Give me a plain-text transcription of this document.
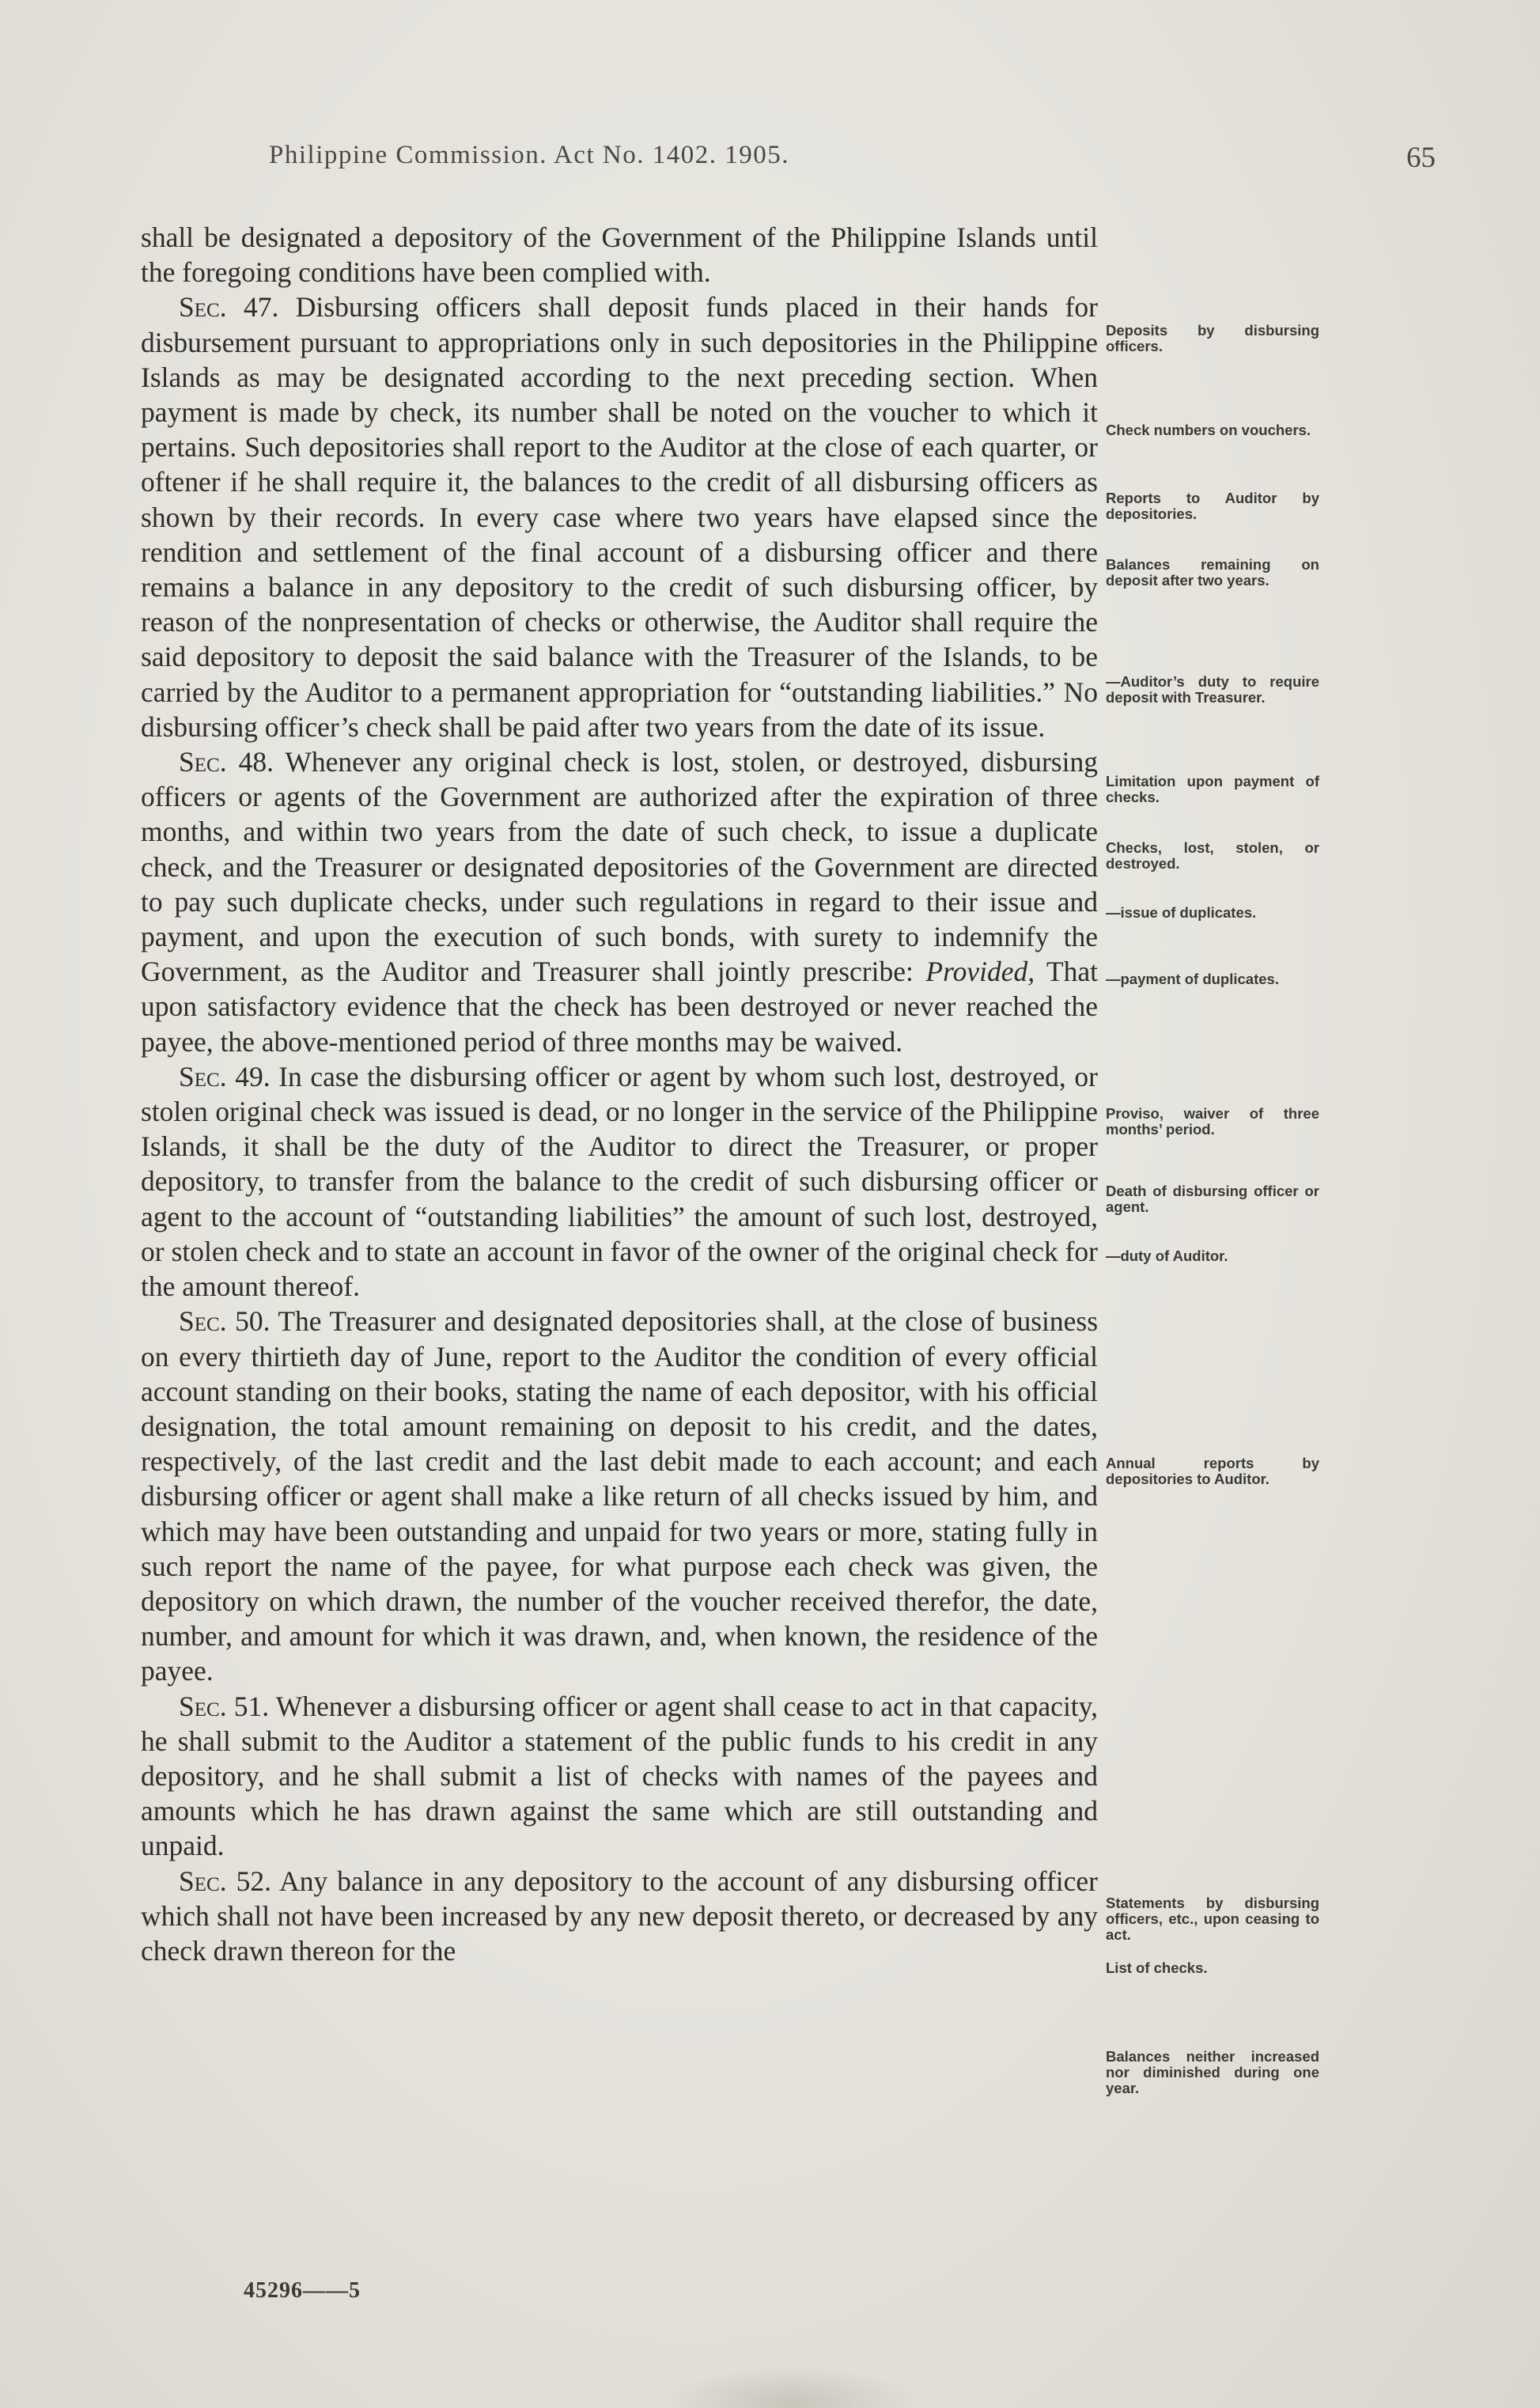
Philippine Commission. Act No. 1402. 1905.	65

shall be designated a depository of the Government of the Philippine Islands until the foregoing conditions have been complied with.

Sec. 47. Disbursing officers shall deposit funds placed in their hands for disbursement pursuant to appropriations only in such depositories in the Philippine Islands as may be designated according to the next preceding section. When payment is made by check, its number shall be noted on the voucher to which it pertains. Such depositories shall report to the Auditor at the close of each quarter, or oftener if he shall require it, the balances to the credit of all disbursing officers as shown by their records. In every case where two years have elapsed since the rendition and settlement of the final account of a disbursing officer and there remains a balance in any depository to the credit of such disbursing officer, by reason of the nonpresentation of checks or otherwise, the Auditor shall require the said depository to deposit the said balance with the Treasurer of the Islands, to be carried by the Auditor to a permanent appropriation for “outstanding liabilities.” No disbursing officer’s check shall be paid after two years from the date of its issue.

Sec. 48. Whenever any original check is lost, stolen, or destroyed, disbursing officers or agents of the Government are authorized after the expiration of three months, and within two years from the date of such check, to issue a duplicate check, and the Treasurer or designated depositories of the Government are directed to pay such duplicate checks, under such regulations in regard to their issue and payment, and upon the execution of such bonds, with surety to indemnify the Government, as the Auditor and Treasurer shall jointly prescribe: Provided, That upon satisfactory evidence that the check has been destroyed or never reached the payee, the above-mentioned period of three months may be waived.

Sec. 49. In case the disbursing officer or agent by whom such lost, destroyed, or stolen original check was issued is dead, or no longer in the service of the Philippine Islands, it shall be the duty of the Auditor to direct the Treasurer, or proper depository, to transfer from the balance to the credit of such disbursing officer or agent to the account of “outstanding liabilities” the amount of such lost, destroyed, or stolen check and to state an account in favor of the owner of the original check for the amount thereof.

Sec. 50. The Treasurer and designated depositories shall, at the close of business on every thirtieth day of June, report to the Auditor the condition of every official account standing on their books, stating the name of each depositor, with his official designation, the total amount remaining on deposit to his credit, and the dates, respectively, of the last credit and the last debit made to each account; and each disbursing officer or agent shall make a like return of all checks issued by him, and which may have been outstanding and unpaid for two years or more, stating fully in such report the name of the payee, for what purpose each check was given, the depository on which drawn, the number of the voucher received therefor, the date, number, and amount for which it was drawn, and, when known, the residence of the payee.

Sec. 51. Whenever a disbursing officer or agent shall cease to act in that capacity, he shall submit to the Auditor a statement of the public funds to his credit in any depository, and he shall submit a list of checks with names of the payees and amounts which he has drawn against the same which are still outstanding and unpaid.

Sec. 52. Any balance in any depository to the account of any disbursing officer which shall not have been increased by any new deposit thereto, or decreased by any check drawn thereon for the

Deposits by disbursing officers.
Check numbers on vouchers.
Reports to Auditor by depositories.
Balances remaining on deposit after two years.
—Auditor’s duty to require deposit with Treasurer.
Limitation upon payment of checks.
Checks, lost, stolen, or destroyed.
—issue of duplicates.
—payment of duplicates.
Proviso, waiver of three months’ period.
Death of disbursing officer or agent.
—duty of Auditor.
Annual reports by depositories to Auditor.
Statements by disbursing officers, etc., upon ceasing to act.
List of checks.
Balances neither increased nor diminished during one year.
45296——5
